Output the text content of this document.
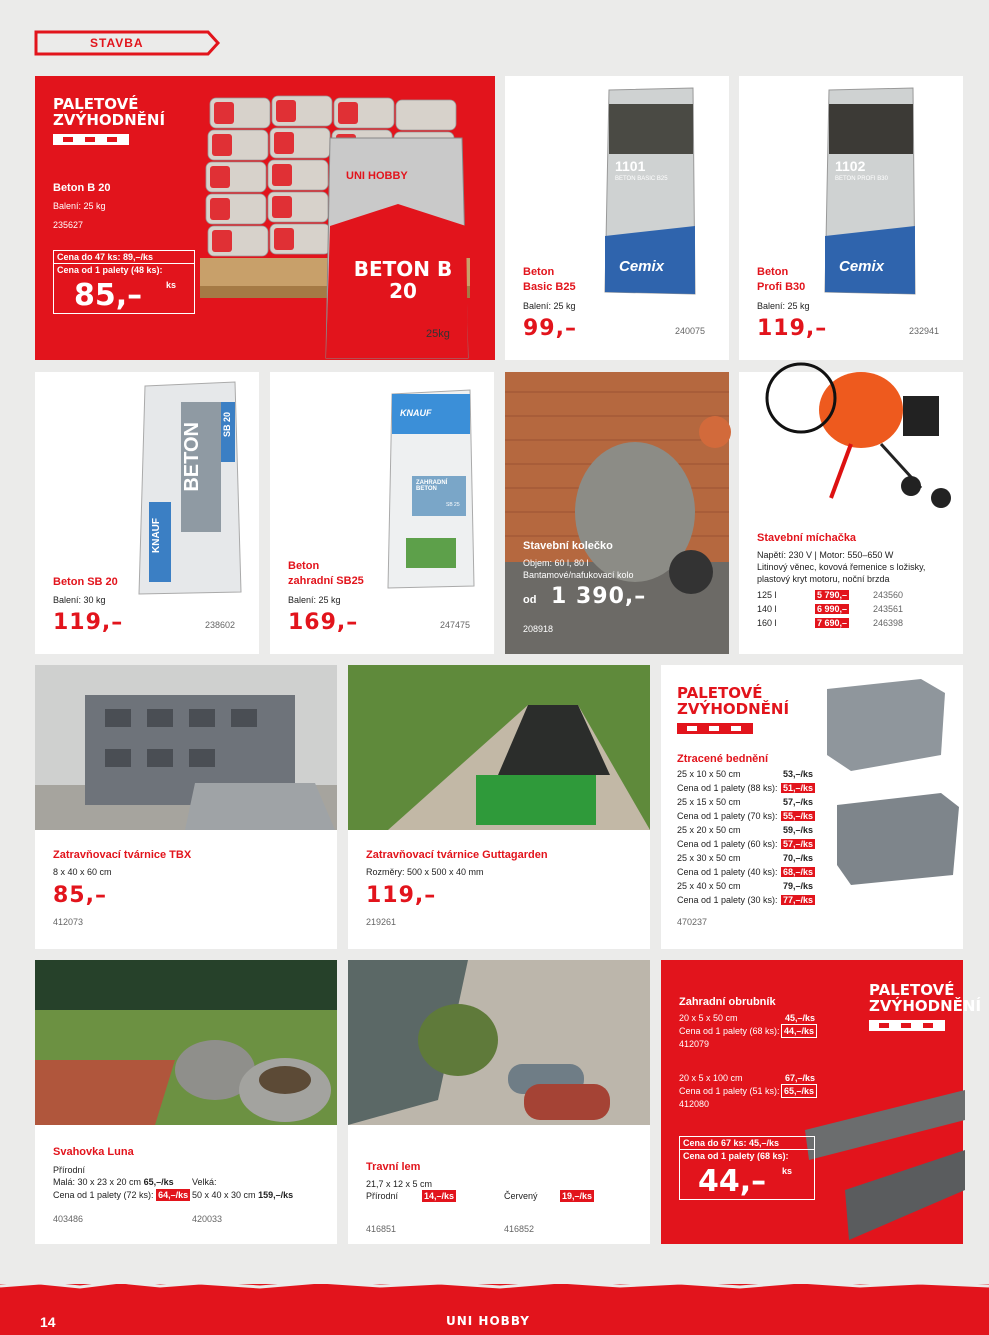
STAVBA
PALETOVÉ
ZVÝHODNĚNÍ
Beton B 20
Balení: 25 kg
235627
Cena do 47 ks: 89,–/ks
Cena od 1 palety (48 ks):
85,–	ks
UNI HOBBY
BETON B 20
25kg
1101
BETON BASIC B25
Cemix
Beton
Basic B25
Balení: 25 kg
99,–	240075
1102
BETON PROFI B30
Cemix
Beton
Profi B30
Balení: 25 kg
119,–	232941
BETON SB 20
KNAUF
Beton SB 20
Balení: 30 kg
119,–	238602
KNAUF
ZAHRADNÍ BETON
SB 25
Beton
zahradní SB25
Balení: 25 kg
169,–	247475
Stavební kolečko
Objem: 60 l, 80 l
Bantamové/nafukovací kolo
od 1 390,–
208918
Stavební míchačka
Napětí: 230 V | Motor: 550–650 W
Litinový věnec, kovová řemenice s ložisky,
plastový kryt motoru, noční brzda
125 l	5 790,–	243560
140 l	6 990,–	243561
160 l	7 690,–	246398
Zatravňovací tvárnice TBX
8 x 40 x 60 cm
85,–
412073
Zatravňovací tvárnice Guttagarden
Rozměry: 500 x 500 x 40 mm
119,–
219261
PALETOVÉ
ZVÝHODNĚNÍ
Ztracené bednění
25 x 10 x 50 cm	53,–/ks
Cena od 1 palety (88 ks): 51,–/ks
25 x 15 x 50 cm	57,–/ks
Cena od 1 palety (70 ks): 55,–/ks
25 x 20 x 50 cm	59,–/ks
Cena od 1 palety (60 ks): 57,–/ks
25 x 30 x 50 cm	70,–/ks
Cena od 1 palety (40 ks): 68,–/ks
25 x 40 x 50 cm	79,–/ks
Cena od 1 palety (30 ks): 77,–/ks
470237
Svahovka Luna
Přírodní
Malá: 30 x 23 x 20 cm 65,–/ks
Cena od 1 palety (72 ks): 64,–/ks
Velká:
50 x 40 x 30 cm 159,–/ks
403486	420033
Travní lem
21,7 x 12 x 5 cm
Přírodní	14,–/ks	Červený	19,–/ks
416851	416852
PALETOVÉ
ZVÝHODNĚNÍ
Zahradní obrubník
20 x 5 x 50 cm	45,–/ks
Cena od 1 palety (68 ks): 44,–/ks
412079
20 x 5 x 100 cm	67,–/ks
Cena od 1 palety (51 ks): 65,–/ks
412080
Cena do 67 ks: 45,–/ks
Cena od 1 palety (68 ks):
44,– ks
14	UNI HOBBY
